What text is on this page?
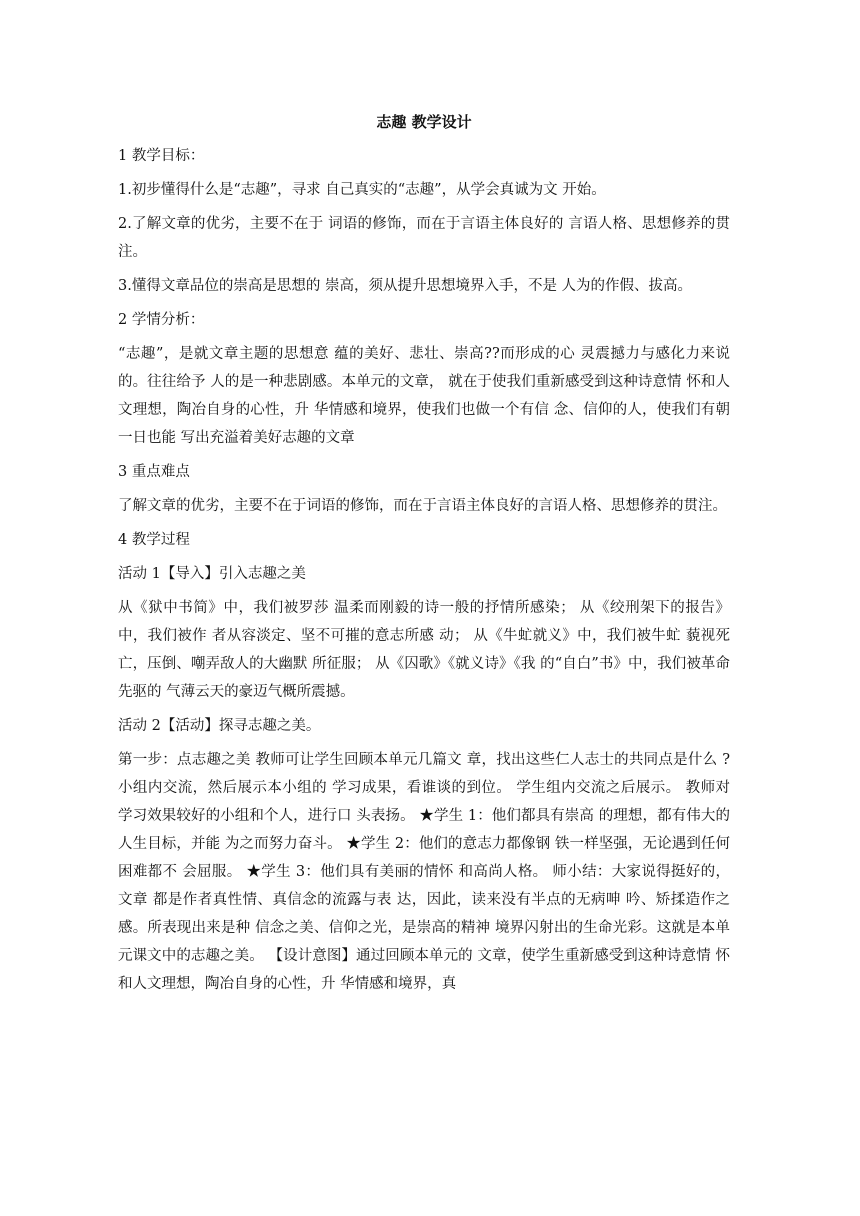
志趣 教学设计
1 教学目标：
1.初步懂得什么是“志趣”，寻求 自己真实的“志趣”，从学会真诚为文 开始。
2.了解文章的优劣，主要不在于 词语的修饰，而在于言语主体良好的 言语人格、思想修养的贯注。
3.懂得文章品位的崇高是思想的 崇高，须从提升思想境界入手，不是 人为的作假、拔高。
2 学情分析：
“志趣”，是就文章主题的思想意 蕴的美好、悲壮、崇高??而形成的心 灵震撼力与感化力来说的。往往给予 人的是一种悲剧感。本单元的文章， 就在于使我们重新感受到这种诗意情 怀和人文理想，陶冶自身的心性，升 华情感和境界，使我们也做一个有信 念、信仰的人，使我们有朝一日也能 写出充溢着美好志趣的文章
3 重点难点
了解文章的优劣，主要不在于词语的修饰，而在于言语主体良好的言语人格、思想修养的贯注。
4 教学过程
活动 1【导入】引入志趣之美
从《狱中书简》中，我们被罗莎 温柔而刚毅的诗一般的抒情所感染； 从《绞刑架下的报告》中，我们被作 者从容淡定、坚不可摧的意志所感 动； 从《牛虻就义》中，我们被牛虻 藐视死亡，压倒、嘲弄敌人的大幽默 所征服； 从《囚歌》《就义诗》《我 的“自白”书》中，我们被革命先驱的 气薄云天的豪迈气概所震撼。
活动 2【活动】探寻志趣之美。
第一步：点志趣之美 教师可让学生回顾本单元几篇文 章，找出这些仁人志士的共同点是什么 ?小组内交流，然后展示本小组的 学习成果，看谁谈的到位。 学生组内交流之后展示。 教师对 学习效果较好的小组和个人，进行口 头表扬。 ★学生 1：他们都具有崇高 的理想，都有伟大的人生目标，并能 为之而努力奋斗。 ★学生 2：他们的意志力都像钢 铁一样坚强，无论遇到任何困难都不 会屈服。 ★学生 3：他们具有美丽的情怀 和高尚人格。 师小结：大家说得挺好的，文章 都是作者真性情、真信念的流露与表 达，因此，读来没有半点的无病呻 吟、矫揉造作之感。所表现出来是种 信念之美、信仰之光，是崇高的精神 境界闪射出的生命光彩。这就是本单 元课文中的志趣之美。 【设计意图】通过回顾本单元的 文章，使学生重新感受到这种诗意情 怀和人文理想，陶冶自身的心性，升 华情感和境界，真
